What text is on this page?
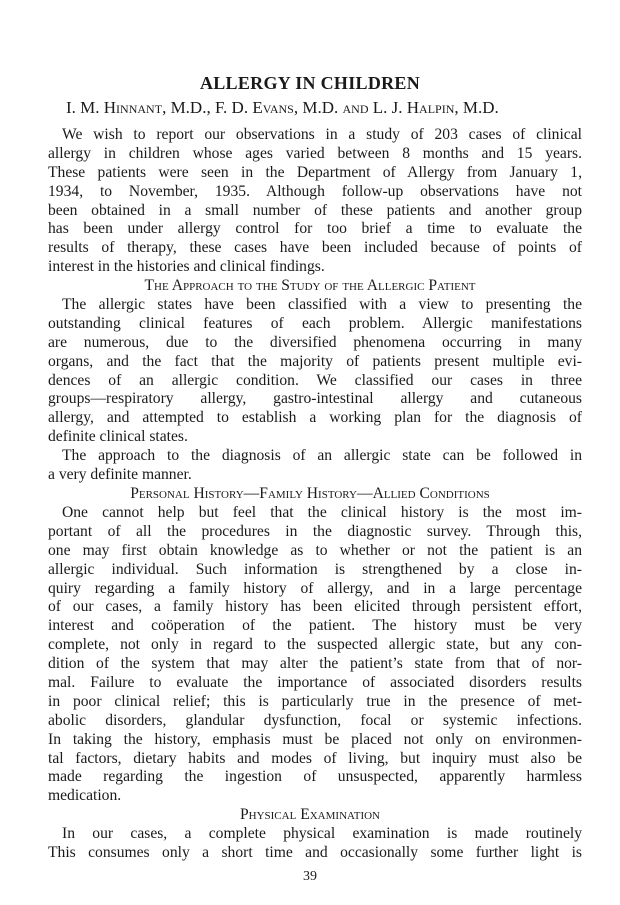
ALLERGY IN CHILDREN
I. M. Hinnant, M.D., F. D. Evans, M.D. and L. J. Halpin, M.D.
We wish to report our observations in a study of 203 cases of clinical
allergy in children whose ages varied between 8 months and 15 years.
These patients were seen in the Department of Allergy from January 1,
1934, to November, 1935. Although follow-up observations have not
been obtained in a small number of these patients and another group
has been under allergy control for too brief a time to evaluate the
results of therapy, these cases have been included because of points of
interest in the histories and clinical findings.
The Approach to the Study of the Allergic Patient
The allergic states have been classified with a view to presenting the
outstanding clinical features of each problem. Allergic manifestations
are numerous, due to the diversified phenomena occurring in many
organs, and the fact that the majority of patients present multiple evi-
dences of an allergic condition. We classified our cases in three
groups—respiratory allergy, gastro-intestinal allergy and cutaneous
allergy, and attempted to establish a working plan for the diagnosis of
definite clinical states.
The approach to the diagnosis of an allergic state can be followed in
a very definite manner.
Personal History—Family History—Allied Conditions
One cannot help but feel that the clinical history is the most im-
portant of all the procedures in the diagnostic survey. Through this,
one may first obtain knowledge as to whether or not the patient is an
allergic individual. Such information is strengthened by a close in-
quiry regarding a family history of allergy, and in a large percentage
of our cases, a family history has been elicited through persistent effort,
interest and coöperation of the patient. The history must be very
complete, not only in regard to the suspected allergic state, but any con-
dition of the system that may alter the patient’s state from that of nor-
mal. Failure to evaluate the importance of associated disorders results
in poor clinical relief; this is particularly true in the presence of met-
abolic disorders, glandular dysfunction, focal or systemic infections.
In taking the history, emphasis must be placed not only on environmen-
tal factors, dietary habits and modes of living, but inquiry must also be
made regarding the ingestion of unsuspected, apparently harmless
medication.
Physical Examination
In our cases, a complete physical examination is made routinely
This consumes only a short time and occasionally some further light is
39
